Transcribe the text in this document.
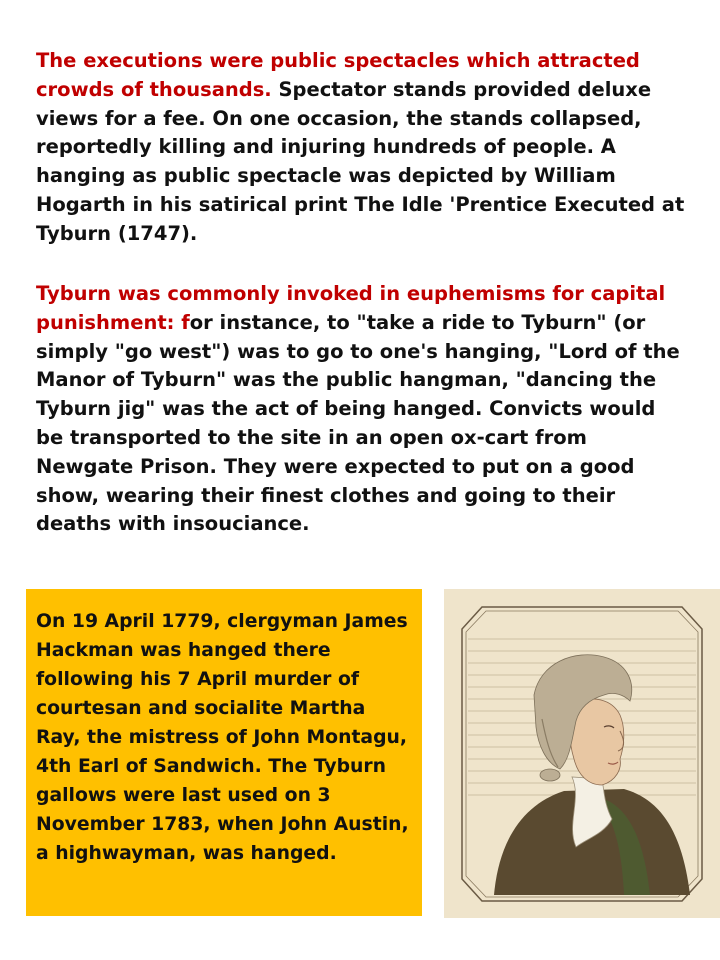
The executions were public spectacles which attracted crowds of thousands. Spectator stands provided deluxe views for a fee. On one occasion, the stands collapsed, reportedly killing and injuring hundreds of people. A hanging as public spectacle was depicted by William Hogarth in his satirical print The Idle 'Prentice Executed at Tyburn (1747).

Tyburn was commonly invoked in euphemisms for capital punishment: for instance, to "take a ride to Tyburn" (or simply "go west") was to go to one's hanging, "Lord of the Manor of Tyburn" was the public hangman, "dancing the Tyburn jig" was the act of being hanged. Convicts would be transported to the site in an open ox-cart from Newgate Prison. They were expected to put on a good show, wearing their finest clothes and going to their deaths with insouciance.

On 19 April 1779, clergyman James Hackman was hanged there following his 7 April murder of courtesan and socialite Martha Ray, the mistress of John Montagu, 4th Earl of Sandwich. The Tyburn gallows were last used on 3 November 1783, when John Austin, a highwayman, was hanged.
